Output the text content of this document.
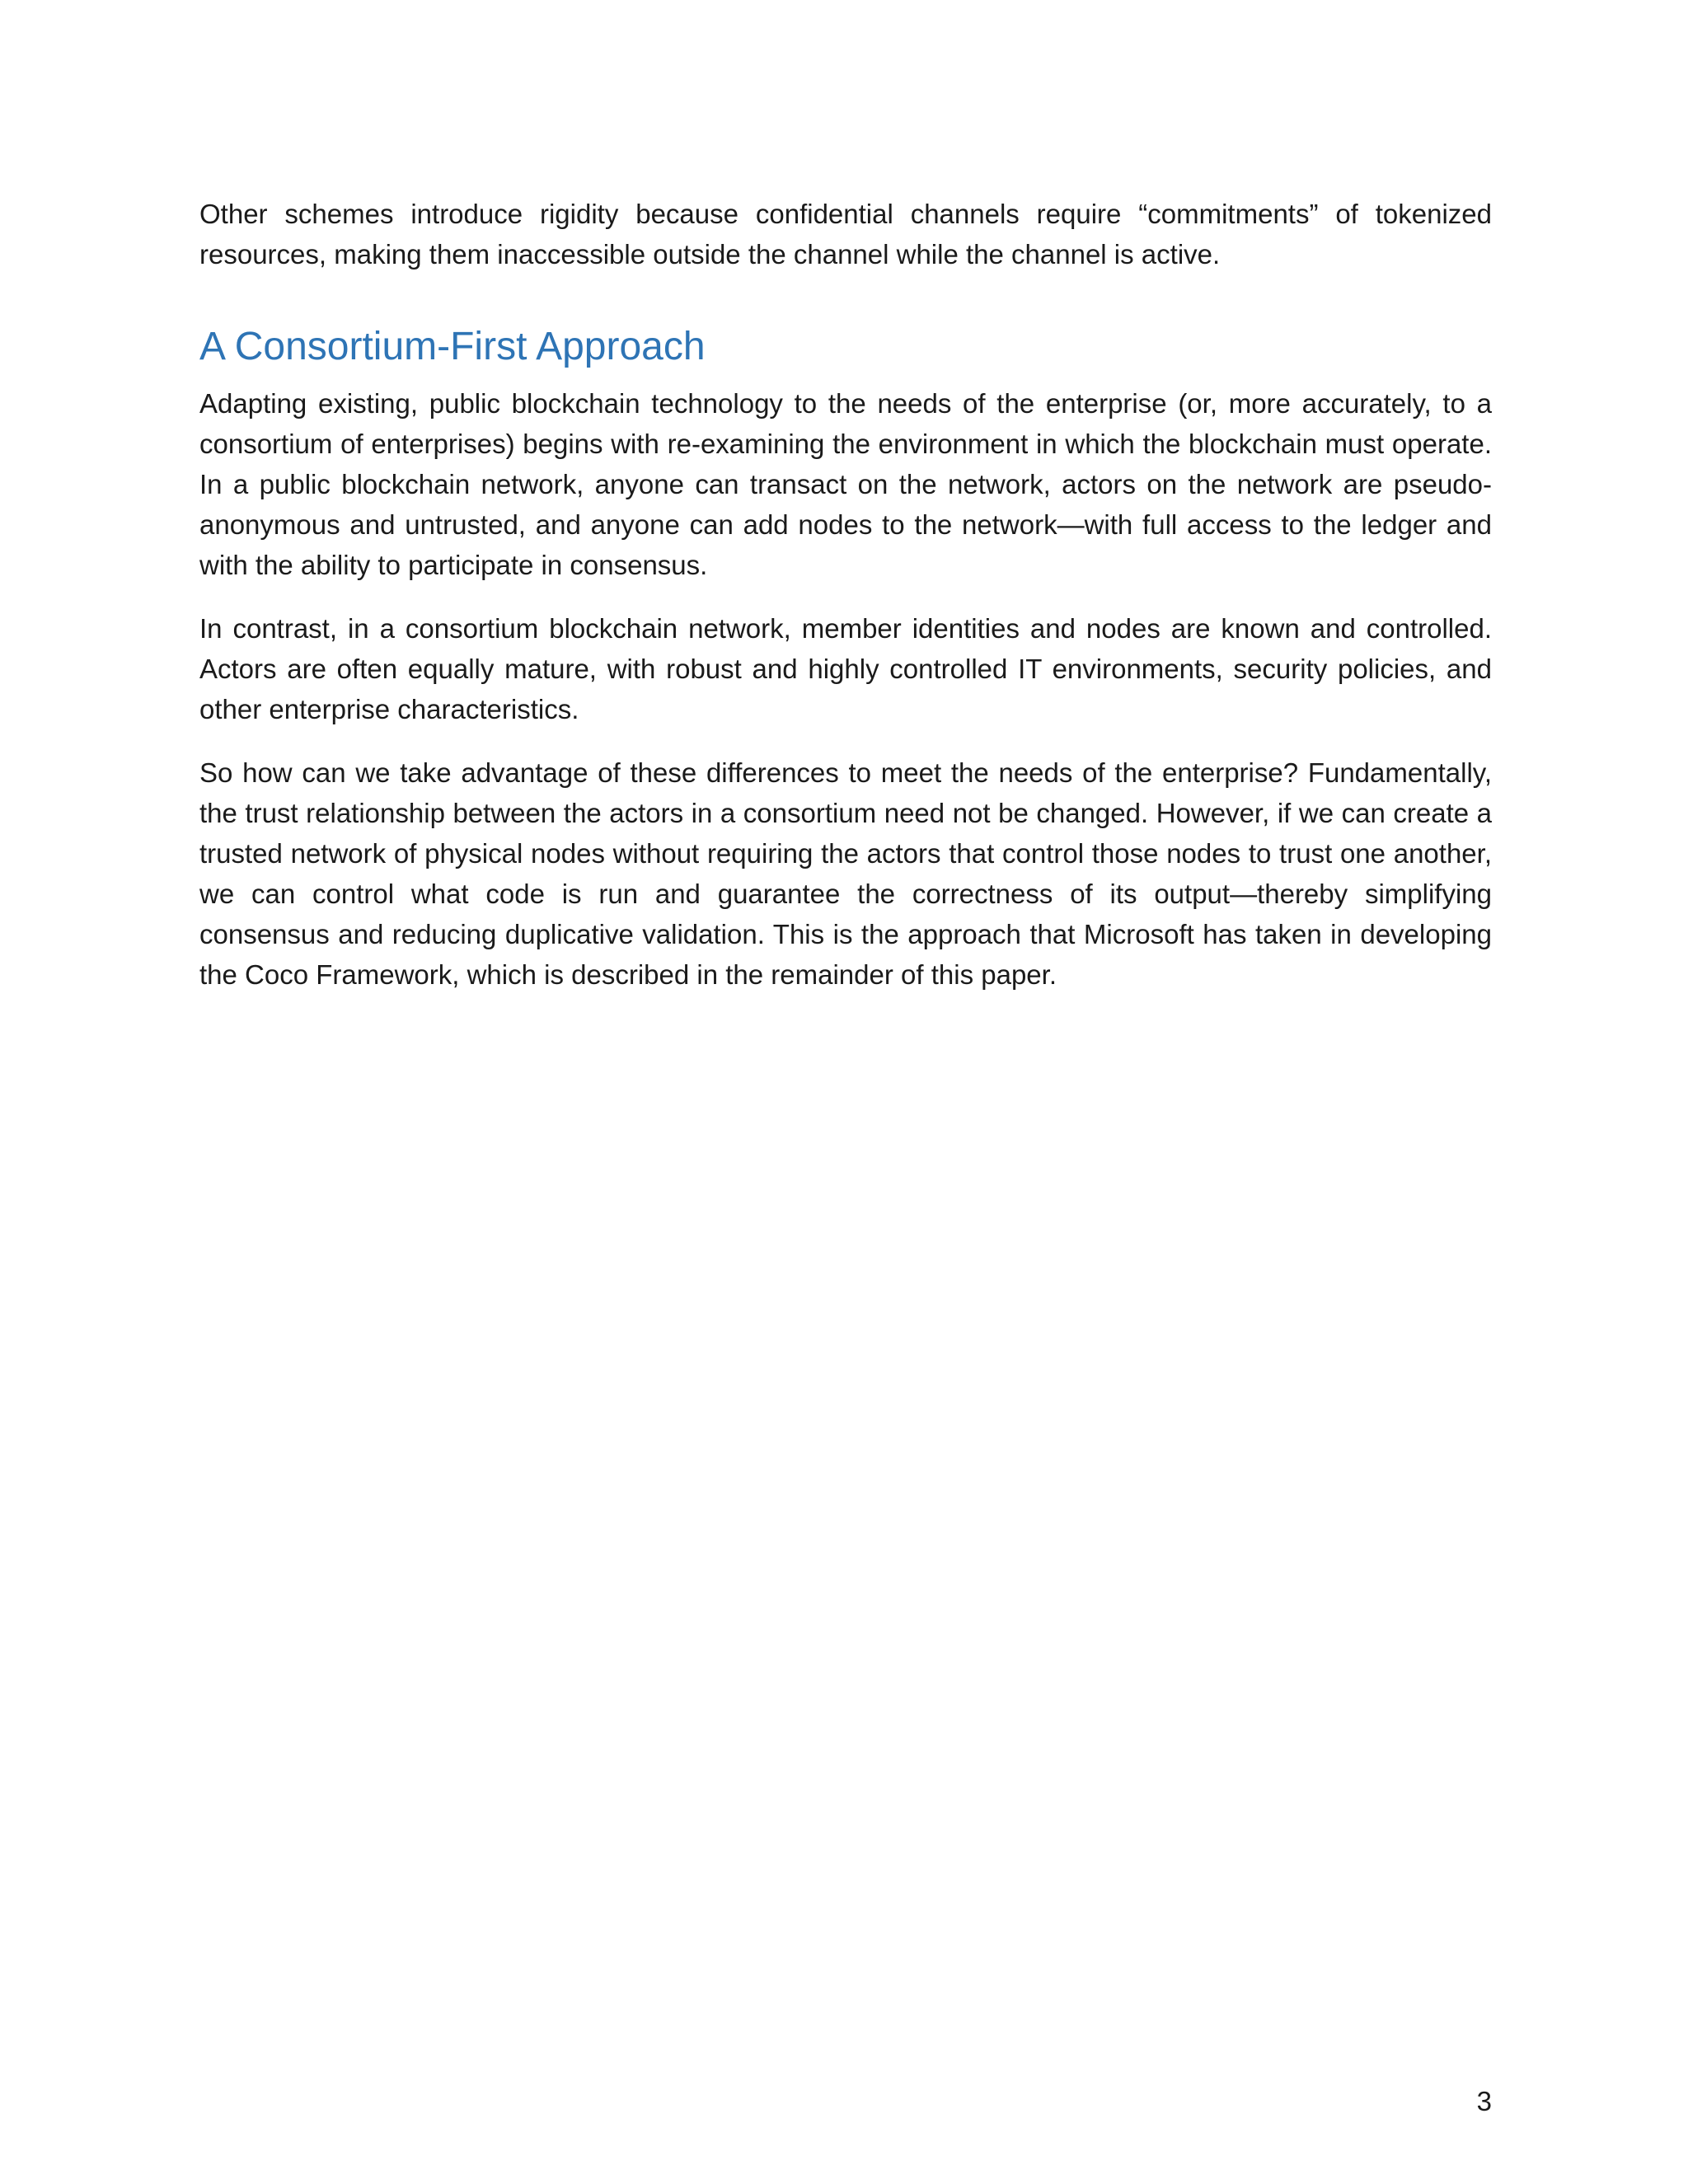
Other schemes introduce rigidity because confidential channels require “commitments” of tokenized resources, making them inaccessible outside the channel while the channel is active.

A Consortium-First Approach

Adapting existing, public blockchain technology to the needs of the enterprise (or, more accurately, to a consortium of enterprises) begins with re-examining the environment in which the blockchain must operate. In a public blockchain network, anyone can transact on the network, actors on the network are pseudo-anonymous and untrusted, and anyone can add nodes to the network—with full access to the ledger and with the ability to participate in consensus.

In contrast, in a consortium blockchain network, member identities and nodes are known and controlled. Actors are often equally mature, with robust and highly controlled IT environments, security policies, and other enterprise characteristics.

So how can we take advantage of these differences to meet the needs of the enterprise? Fundamentally, the trust relationship between the actors in a consortium need not be changed. However, if we can create a trusted network of physical nodes without requiring the actors that control those nodes to trust one another, we can control what code is run and guarantee the correctness of its output—thereby simplifying consensus and reducing duplicative validation. This is the approach that Microsoft has taken in developing the Coco Framework, which is described in the remainder of this paper.

3
